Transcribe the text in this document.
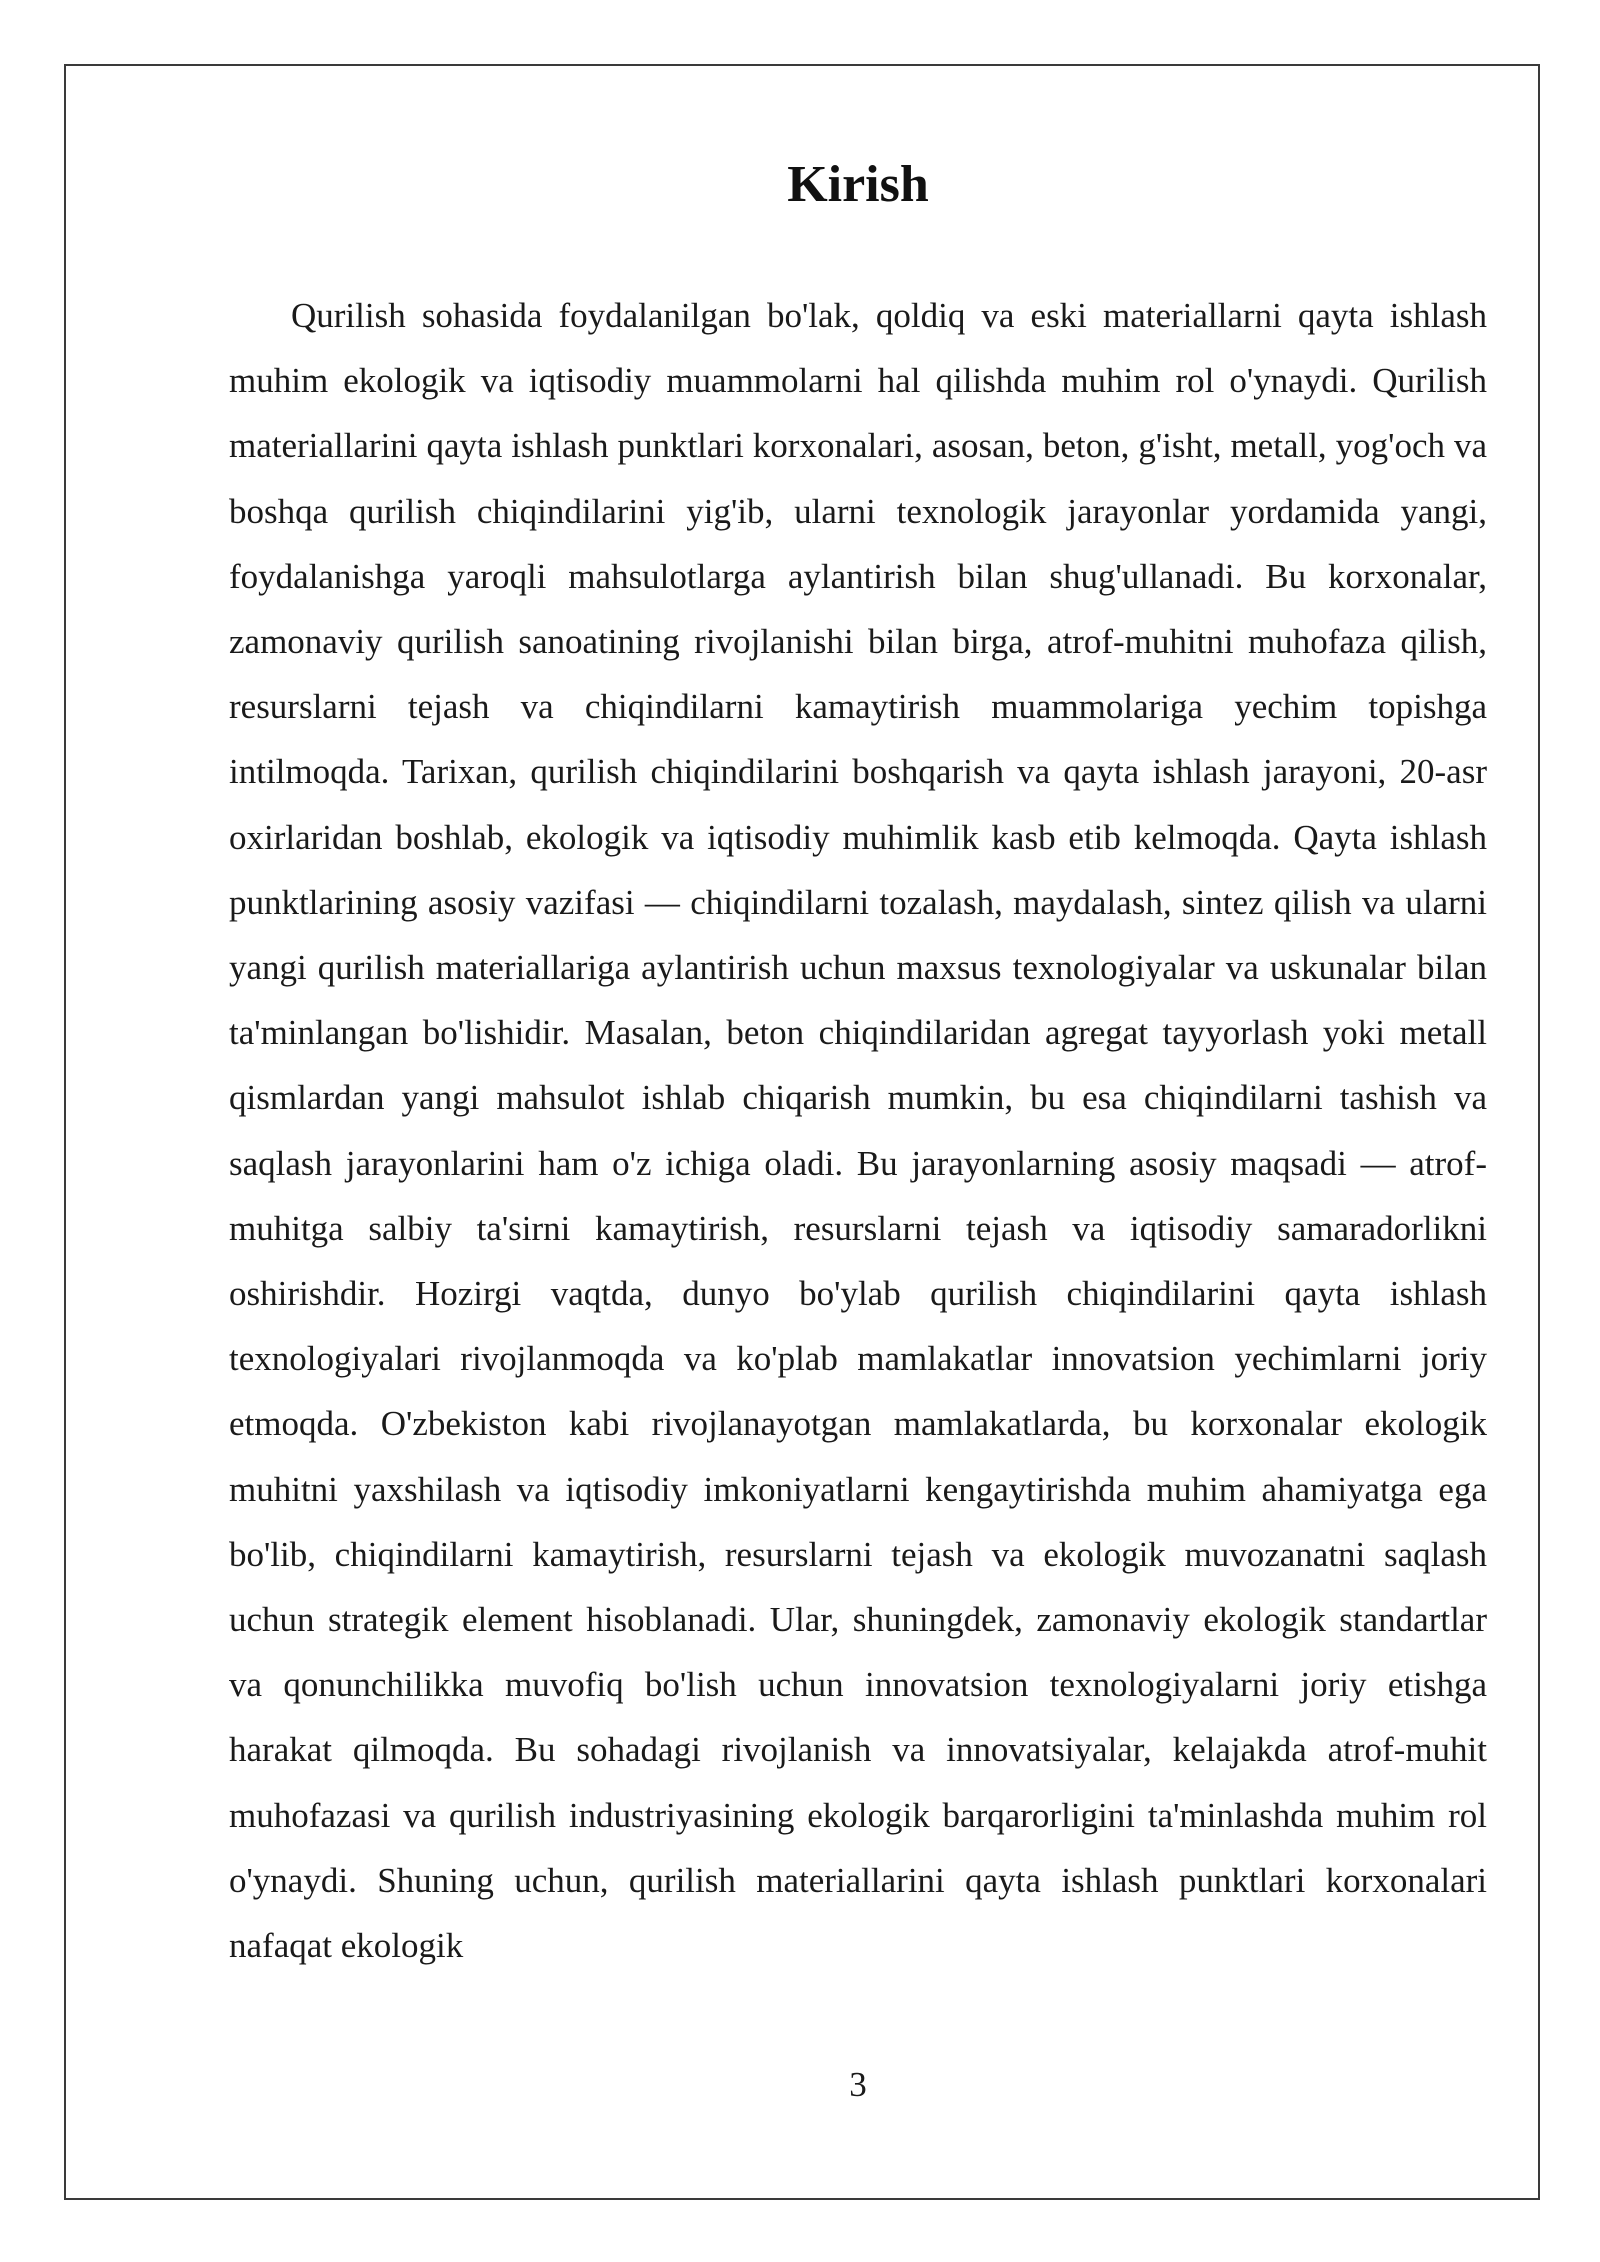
Kirish

Qurilish sohasida foydalanilgan bo'lak, qoldiq va eski materiallarni qayta ishlash muhim ekologik va iqtisodiy muammolarni hal qilishda muhim rol o'ynaydi. Qurilish materiallarini qayta ishlash punktlari korxonalari, asosan, beton, g'isht, metall, yog'och va boshqa qurilish chiqindilarini yig'ib, ularni texnologik jarayonlar yordamida yangi, foydalanishga yaroqli mahsulotlarga aylantirish bilan shug'ullanadi. Bu korxonalar, zamonaviy qurilish sanoatining rivojlanishi bilan birga, atrof-muhitni muhofaza qilish, resurslarni tejash va chiqindilarni kamaytirish muammolariga yechim topishga intilmoqda. Tarixan, qurilish chiqindilarini boshqarish va qayta ishlash jarayoni, 20-asr oxirlaridan boshlab, ekologik va iqtisodiy muhimlik kasb etib kelmoqda. Qayta ishlash punktlarining asosiy vazifasi — chiqindilarni tozalash, maydalash, sintez qilish va ularni yangi qurilish materiallariga aylantirish uchun maxsus texnologiyalar va uskunalar bilan ta'minlangan bo'lishidir. Masalan, beton chiqindilaridan agregat tayyorlash yoki metall qismlardan yangi mahsulot ishlab chiqarish mumkin, bu esa chiqindilarni tashish va saqlash jarayonlarini ham o'z ichiga oladi. Bu jarayonlarning asosiy maqsadi — atrof-muhitga salbiy ta'sirni kamaytirish, resurslarni tejash va iqtisodiy samaradorlikni oshirishdir. Hozirgi vaqtda, dunyo bo'ylab qurilish chiqindilarini qayta ishlash texnologiyalari rivojlanmoqda va ko'plab mamlakatlar innovatsion yechimlarni joriy etmoqda. O'zbekiston kabi rivojlanayotgan mamlakatlarda, bu korxonalar ekologik muhitni yaxshilash va iqtisodiy imkoniyatlarni kengaytirishda muhim ahamiyatga ega bo'lib, chiqindilarni kamaytirish, resurslarni tejash va ekologik muvozanatni saqlash uchun strategik element hisoblanadi. Ular, shuningdek, zamonaviy ekologik standartlar va qonunchilikka muvofiq bo'lish uchun innovatsion texnologiyalarni joriy etishga harakat qilmoqda. Bu sohadagi rivojlanish va innovatsiyalar, kelajakda atrof-muhit muhofazasi va qurilish industriyasining ekologik barqarorligini ta'minlashda muhim rol o'ynaydi. Shuning uchun, qurilish materiallarini qayta ishlash punktlari korxonalari nafaqat ekologik

3
